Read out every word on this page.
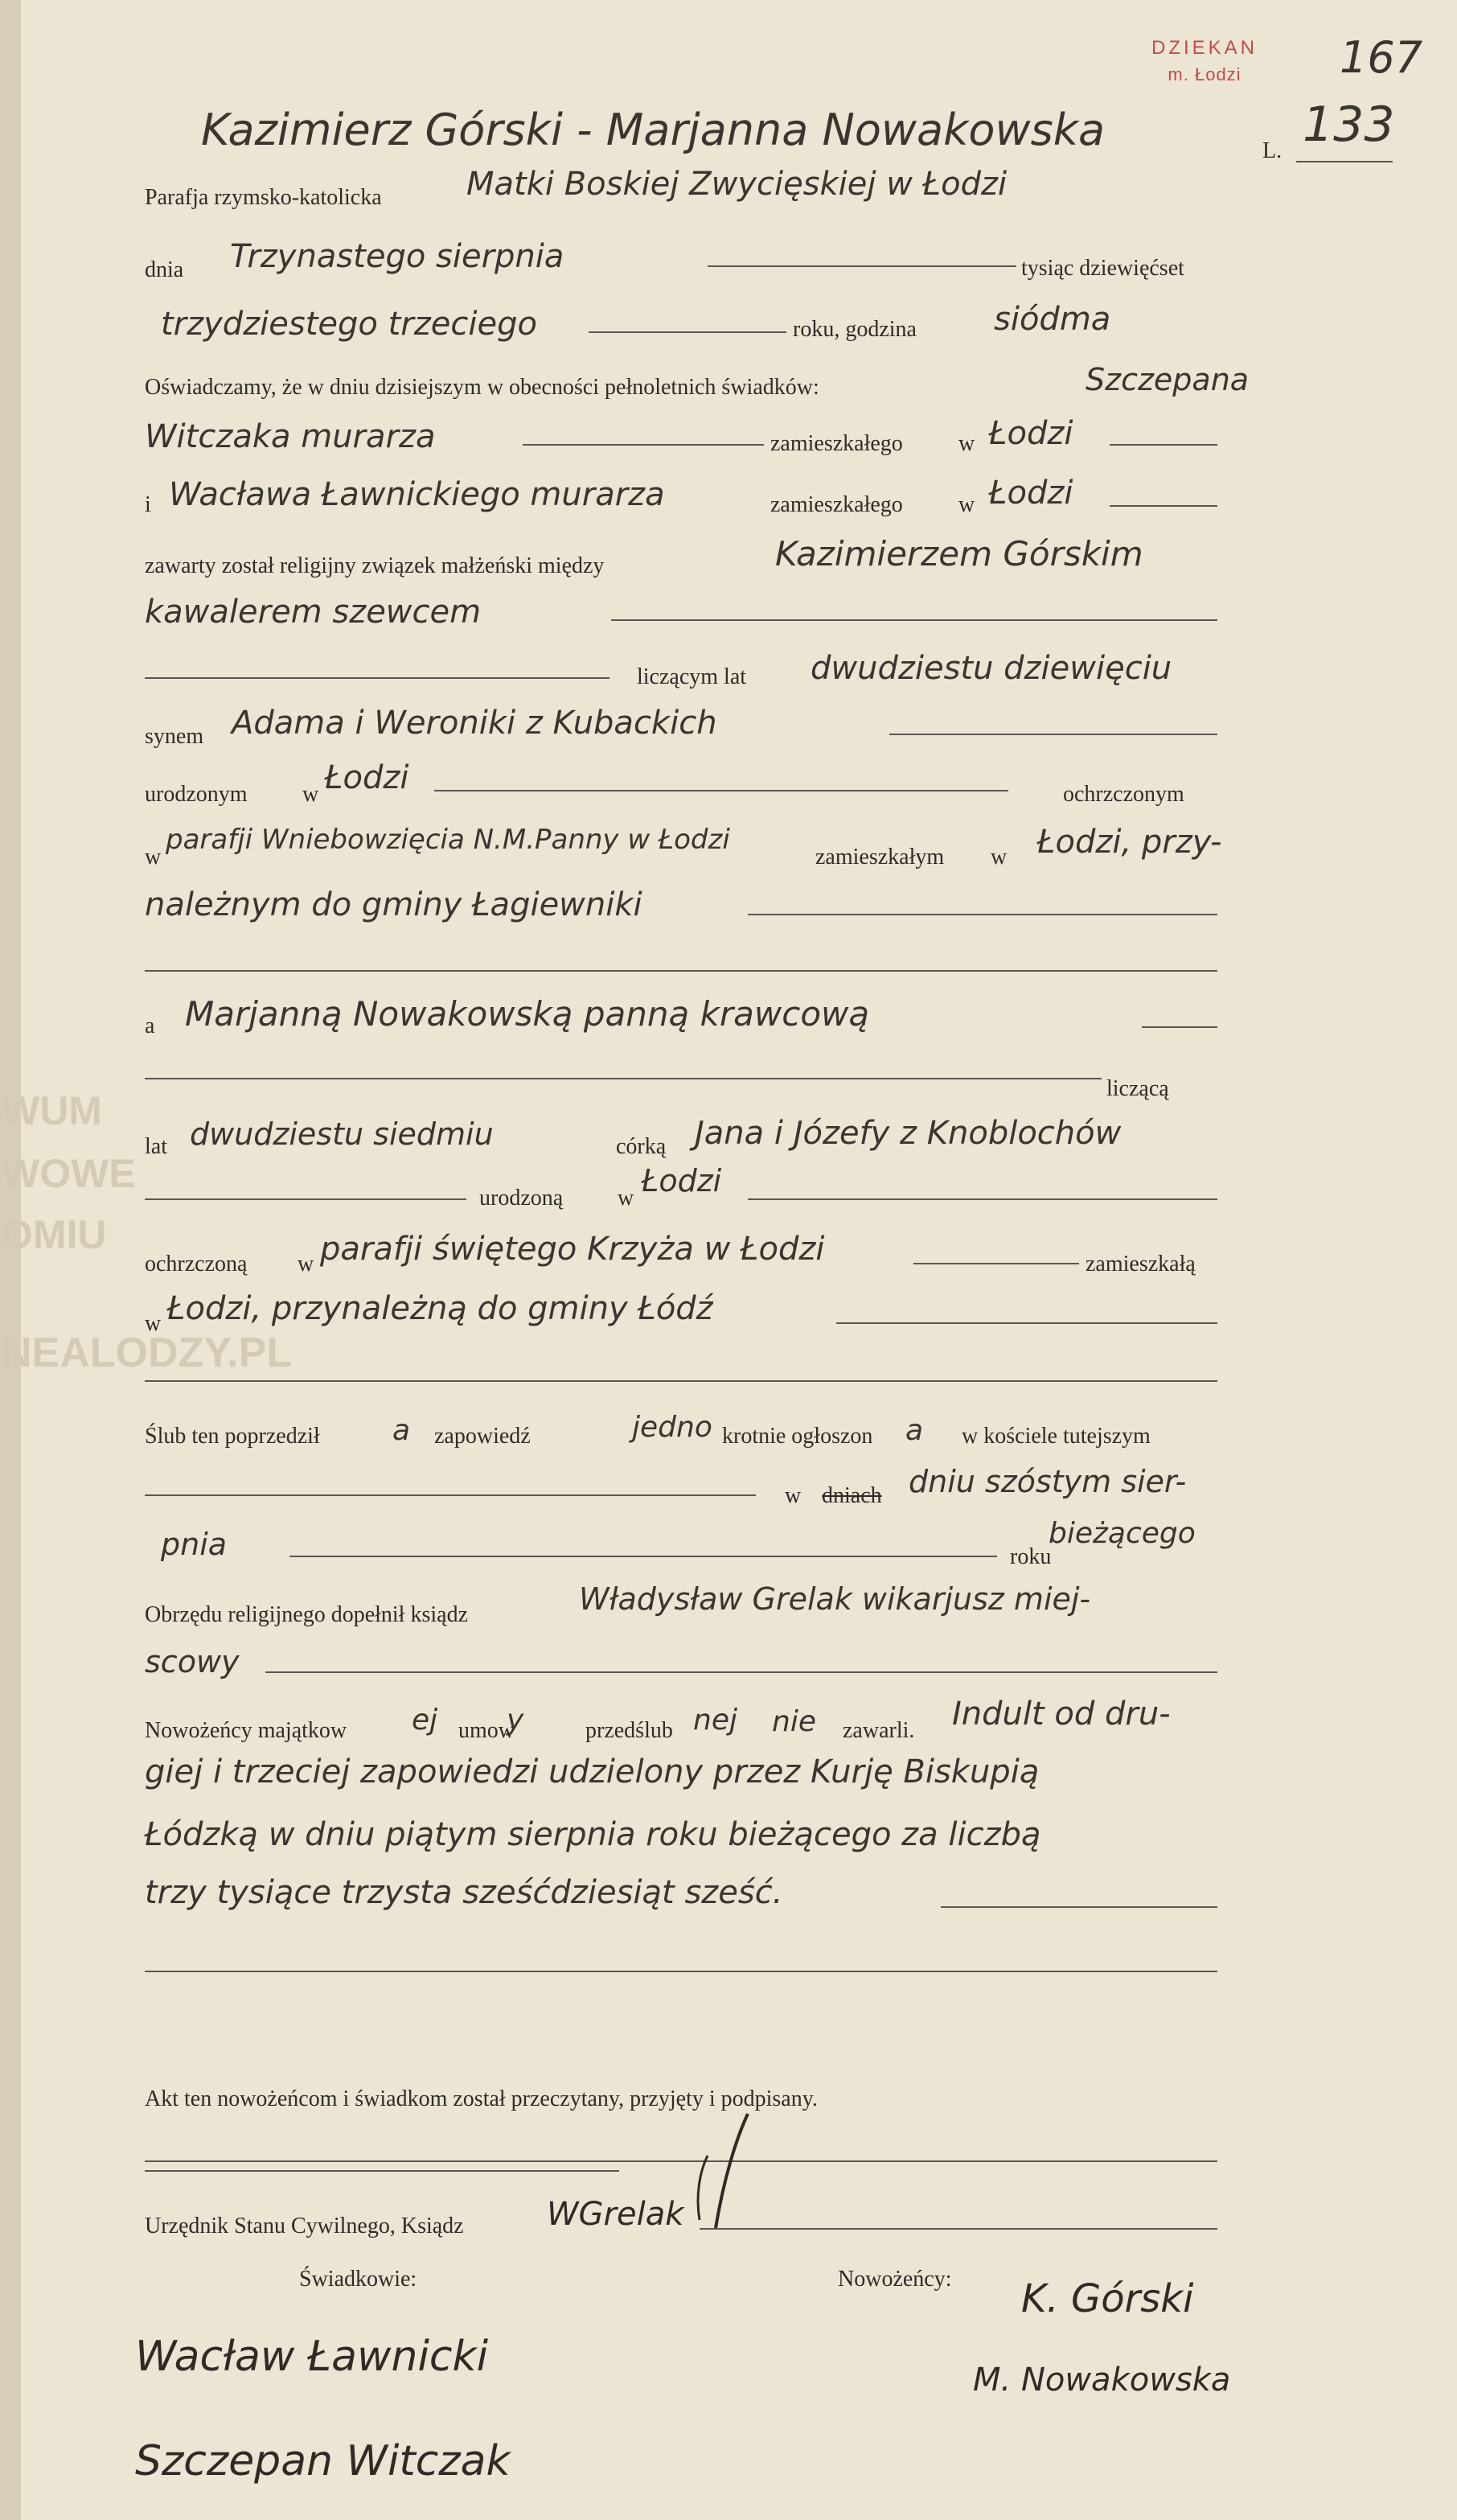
WUM
WOWE
OMIU
NEALODZY.PL
DZIEKAN
m. Łodzi	167
Kazimierz Górski - Marjanna Nowakowska	L. 133
Parafja rzymsko-katolicka	Matki Boskiej Zwycięskiej w Łodzi
dnia Trzynastego sierpnia	tysiąc dziewięćset
trzydziestego trzeciego	roku, godzina siódma
Oświadczamy, że w dniu dzisiejszym w obecności pełnoletnich świadków:	Szczepana
Witczaka murarza	zamieszkałego w Łodzi
i Wacława Ławnickiego murarza	zamieszkałego w Łodzi
zawarty został religijny związek małżeński między	Kazimierzem Górskim
kawalerem szewcem
liczącym lat dwudziestu dziewięciu
synem Adama i Weroniki z Kubackich
urodzonym w Łodzi	ochrzczonym
w
parafji Wniebowzięcia N.M.Panny w Łodzi
zamieszkałym w Łodzi, przy-
należnym do gminy Łagiewniki
a Marjanną Nowakowską panną krawcową
liczącą
lat dwudziestu siedmiu	córką Jana i Józefy z Knoblochów
urodzoną w Łodzi
ochrzczoną w parafji świętego Krzyża w Łodzi	zamieszkałą
w Łodzi, przynależną do gminy Łódź
Ślub ten poprzedził	a zapowiedź	jedno krotnie ogłoszon a w kościele tutejszym
w dniach dniu szóstym sier-
pnia	roku
bieżącego
Obrzędu religijnego dopełnił ksiądz	Władysław Grelak wikarjusz miej-
scowy
Nowożeńcy majątkow ej umow
y	przedślub nej nie zawarli. Indult od dru-
giej i trzeciej zapowiedzi udzielony przez Kurję Biskupią
Łódzką w dniu piątym sierpnia roku bieżącego za liczbą
trzy tysiące trzysta sześćdziesiąt sześć.
Akt ten nowożeńcom i świadkom został przeczytany, przyjęty i podpisany.
Urzędnik Stanu Cywilnego, Ksiądz	WGrelak
Świadkowie:	Nowożeńcy:
Wacław Ławnicki
Szczepan Witczak
K. Górski
M. Nowakowska
